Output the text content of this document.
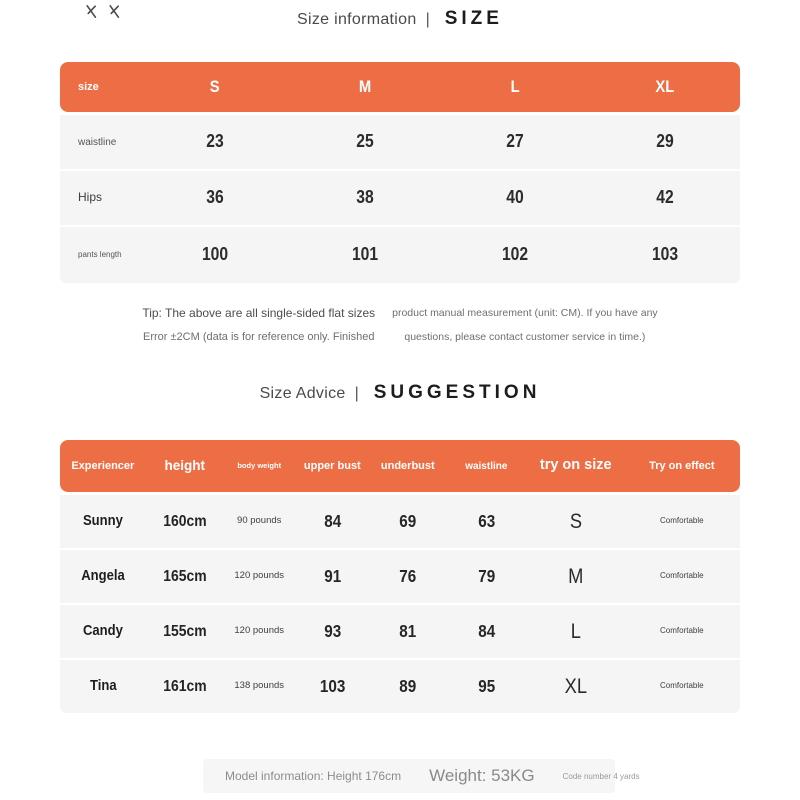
Size information | SIZE
size	S	M	L	XL
waistline	23	25	27	29
Hips	36	38	40	42
pants length	100	101	102	103
Tip: The above are all single-sided flat sizes
Error ±2CM (data is for reference only. Finished
product manual measurement (unit: CM). If you have any
questions, please contact customer service in time.)
Size Advice | SUGGESTION
Experiencer	height	body weight	upper bust	underbust	waistline	try on size	Try on effect
Sunny	160cm	90 pounds	84	69	63	S	Comfortable
Angela	165cm	120 pounds	91	76	79	M	Comfortable
Candy	155cm	120 pounds	93	81	84	L	Comfortable
Tina	161cm	138 pounds	103	89	95	XL	Comfortable
Model information: Height 176cm Weight: 53KG	Code number 4 yards
